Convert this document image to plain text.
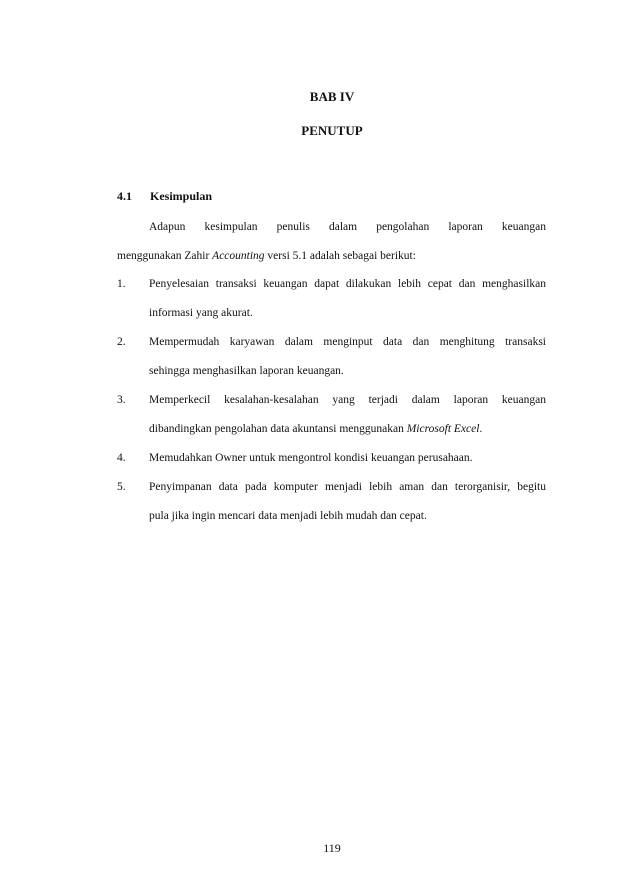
BAB IV
PENUTUP
4.1 Kesimpulan
Adapun kesimpulan penulis dalam pengolahan laporan keuangan
menggunakan Zahir Accounting versi 5.1 adalah sebagai berikut:
1. Penyelesaian transaksi keuangan dapat dilakukan lebih cepat dan menghasilkan
informasi yang akurat.
2. Mempermudah karyawan dalam menginput data dan menghitung transaksi
sehingga menghasilkan laporan keuangan.
3. Memperkecil kesalahan-kesalahan yang terjadi dalam laporan keuangan
dibandingkan pengolahan data akuntansi menggunakan Microsoft Excel.
4. Memudahkan Owner untuk mengontrol kondisi keuangan perusahaan.
5. Penyimpanan data pada komputer menjadi lebih aman dan terorganisir, begitu
pula jika ingin mencari data menjadi lebih mudah dan cepat.
119
